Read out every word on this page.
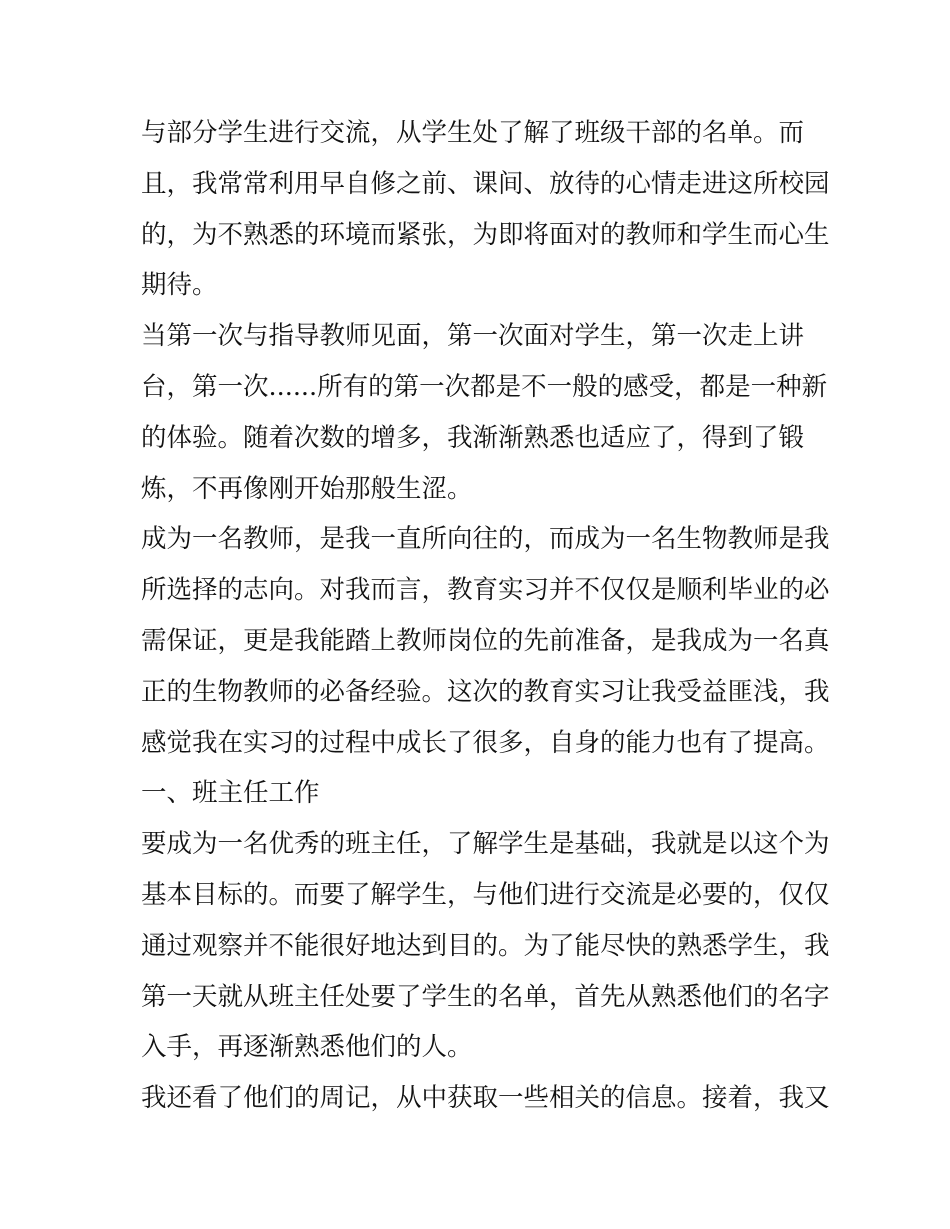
与部分学生进行交流，从学生处了解了班级干部的名单。而
且，我常常利用早自修之前、课间、放待的心情走进这所校园
的，为不熟悉的环境而紧张，为即将面对的教师和学生而心生
期待。
当第一次与指导教师见面，第一次面对学生，第一次走上讲
台，第一次......所有的第一次都是不一般的感受，都是一种新
的体验。随着次数的增多，我渐渐熟悉也适应了，得到了锻
炼，不再像刚开始那般生涩。
成为一名教师，是我一直所向往的，而成为一名生物教师是我
所选择的志向。对我而言，教育实习并不仅仅是顺利毕业的必
需保证，更是我能踏上教师岗位的先前准备，是我成为一名真
正的生物教师的必备经验。这次的教育实习让我受益匪浅，我
感觉我在实习的过程中成长了很多，自身的能力也有了提高。
一、班主任工作
要成为一名优秀的班主任，了解学生是基础，我就是以这个为
基本目标的。而要了解学生，与他们进行交流是必要的，仅仅
通过观察并不能很好地达到目的。为了能尽快的熟悉学生，我
第一天就从班主任处要了学生的名单，首先从熟悉他们的名字
入手，再逐渐熟悉他们的人。
我还看了他们的周记，从中获取一些相关的信息。接着，我又
